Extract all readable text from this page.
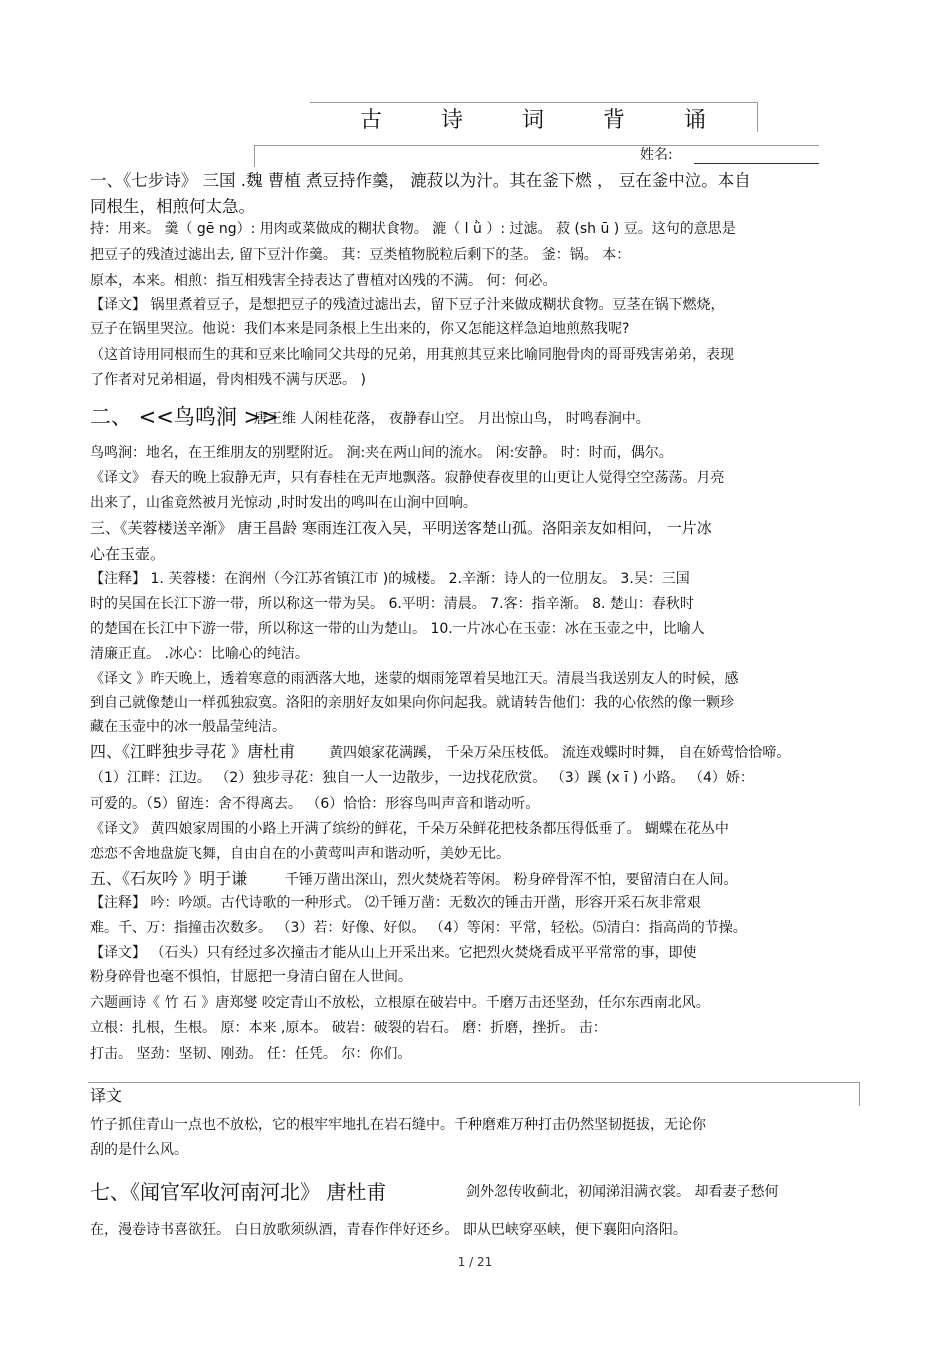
古 诗 词 背 诵
姓名:
一、《七步诗》 三国 .魏 曹植 煮豆持作羹， 漉菽以为汁。其在釜下燃 ， 豆在釜中泣。本自
同根生，相煎何太急。
持：用来。 羹（ gē ng）: 用肉或菜做成的糊状食物。 漉（ l ǜ ）: 过滤。 菽 (sh ū ) 豆。这句的意思是
把豆子的残渣过滤出去, 留下豆汁作羹。 萁：豆类植物脱粒后剩下的茎。 釜：锅。 本：
原本，本来。相煎：指互相残害全持表达了曹植对凶残的不满。 何：何必。
【译文】 锅里煮着豆子，是想把豆子的残渣过滤出去，留下豆子汁来做成糊状食物。豆茎在锅下燃烧，
豆子在锅里哭泣。他说：我们本来是同条根上生出来的，你又怎能这样急迫地煎熬我呢?
（这首诗用同根而生的萁和豆来比喻同父共母的兄弟，用萁煎其豆来比喻同胞骨肉的哥哥残害弟弟，表现
了作者对兄弟相逼，骨肉相残不满与厌恶。 )
二、 <<鸟鸣涧 >>
唐王维 人闲桂花落， 夜静春山空。 月出惊山鸟， 时鸣春涧中。
鸟鸣涧：地名，在王维朋友的别墅附近。 涧:夹在两山间的流水。 闲:安静。 时：时而，偶尔。
《译文》 春天的晚上寂静无声，只有春桂在无声地飘落。寂静使春夜里的山更让人觉得空空荡荡。月亮
出来了，山雀竟然被月光惊动 ,时时发出的鸣叫在山涧中回响。
三、《芙蓉楼送辛渐》 唐王昌龄 寒雨连江夜入吴，平明送客楚山孤。洛阳亲友如相问， 一片冰
心在玉壶。
【注释】 1. 芙蓉楼：在润州（今江苏省镇江市 )的城楼。 2.辛渐：诗人的一位朋友。 3.吴：三国
时的吴国在长江下游一带，所以称这一带为吴。 6.平明：清晨。 7.客：指辛渐。 8. 楚山：春秋时
的楚国在长江中下游一带，所以称这一带的山为楚山。 10.一片冰心在玉壶：冰在玉壶之中，比喻人
清廉正直。 .冰心：比喻心的纯洁。
《译文 》昨天晚上，透着寒意的雨洒落大地，迷蒙的烟雨笼罩着吴地江天。清晨当我送别友人的时候，感
到自己就像楚山一样孤独寂寞。洛阳的亲朋好友如果向你问起我。就请转告他们：我的心依然的像一颗珍
藏在玉壶中的冰一般晶莹纯洁。
四、《江畔独步寻花 》唐杜甫 黄四娘家花满蹊， 千朵万朵压枝低。 流连戏蝶时时舞， 自在娇莺恰恰啼。
（1）江畔：江边。 （2）独步寻花：独自一人一边散步，一边找花欣赏。 （3）蹊 (x ī ) 小路。 （4）娇：
可爱的。（5）留连：舍不得离去。 （6）恰恰：形容鸟叫声音和谐动听。
《译文》 黄四娘家周围的小路上开满了缤纷的鲜花，千朵万朵鲜花把枝条都压得低垂了。 蝴蝶在花丛中
恋恋不舍地盘旋飞舞，自由自在的小黄莺叫声和谐动听，美妙无比。
五、《石灰吟 》明于谦	千锤万凿出深山，烈火焚烧若等闲。 粉身碎骨浑不怕，要留清白在人间。
【注释】 吟：吟颂。古代诗歌的一种形式。 ⑵千锤万凿：无数次的锤击开凿，形容开采石灰非常艰
难。千、万：指撞击次数多。 （3）若：好像、好似。 （4）等闲：平常，轻松。⑸清白：指高尚的节操。
【译文】 （石头）只有经过多次撞击才能从山上开采出来。它把烈火焚烧看成平平常常的事，即使
粉身碎骨也毫不惧怕，甘愿把一身清白留在人世间。
六题画诗《 竹 石 》唐郑燮 咬定青山不放松，立根原在破岩中。千磨万击还坚劲，任尔东西南北风。
立根：扎根，生根。 原：本来 ,原本。 破岩：破裂的岩石。 磨：折磨，挫折。 击：
打击。 坚劲：坚韧、刚劲。 任：任凭。 尔：你们。
译文
竹子抓住青山一点也不放松，它的根牢牢地扎在岩石缝中。千种磨难万种打击仍然坚韧挺拔，无论你
刮的是什么风。
七、《闻官军收河南河北》 唐杜甫	剑外忽传收蓟北，初闻涕泪满衣裳。 却看妻子愁何
在，漫卷诗书喜欲狂。 白日放歌须纵酒，青春作伴好还乡。 即从巴峡穿巫峡，便下襄阳向洛阳。
1 / 21
